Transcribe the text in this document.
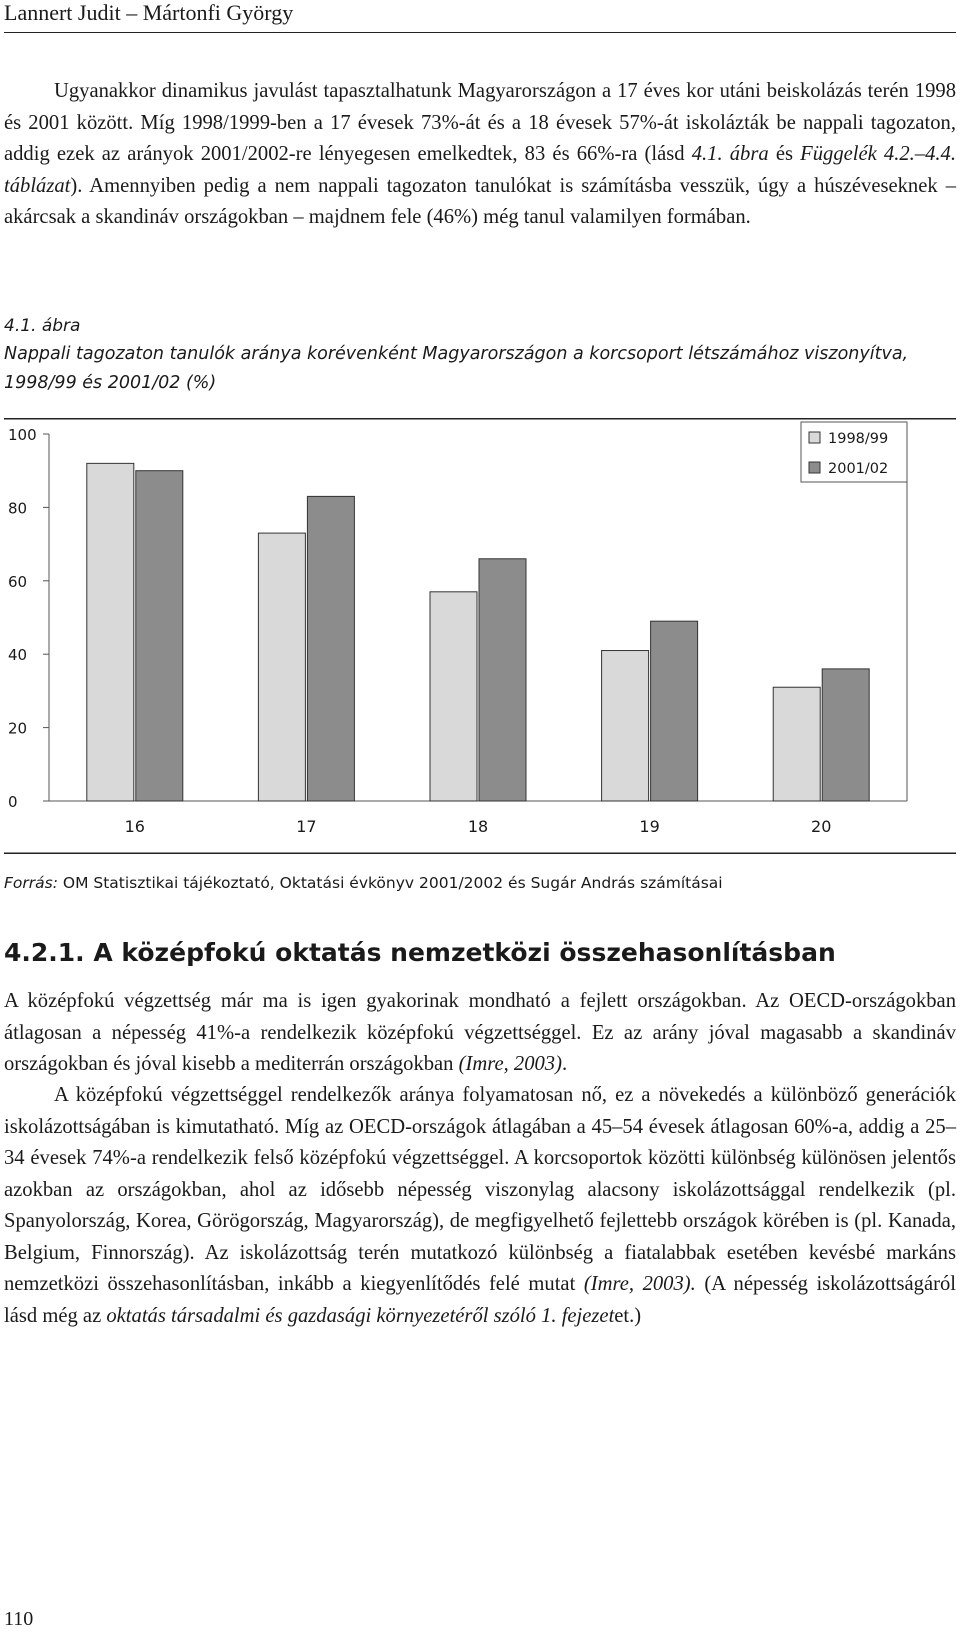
Lannert Judit – Mártonfi György

Ugyanakkor dinamikus javulást tapasztalhatunk Magyarországon a 17 éves kor utáni beiskolázás terén 1998 és 2001 között. Míg 1998/1999-ben a 17 évesek 73%-át és a 18 évesek 57%-át iskolázták be nappali tagozaton, addig ezek az arányok 2001/2002-re lényegesen emelkedtek, 83 és 66%-ra (lásd 4.1. ábra és Függelék 4.2.–4.4. táblázat). Amennyiben pedig a nem nappali tagozaton tanulókat is számításba vesszük, úgy a húszéveseknek – akárcsak a skandináv országokban – majdnem fele (46%) még tanul valamilyen formában.

4.1. ábra
Nappali tagozaton tanulók aránya korévenként Magyarországon a korcsoport létszámához viszonyítva, 1998/99 és 2001/02 (%)
0
20
40
60
80
100
16	17	18	19	20
1998/99
2001/02
Forrás: OM Statisztikai tájékoztató, Oktatási évkönyv 2001/2002 és Sugár András számításai
4.2.1. A középfokú oktatás nemzetközi összehasonlításban

A középfokú végzettség már ma is igen gyakorinak mondható a fejlett országokban. Az OECD-országokban átlagosan a népesség 41%-a rendelkezik középfokú végzettséggel. Ez az arány jóval magasabb a skandináv országokban és jóval kisebb a mediterrán országokban (Imre, 2003).

A középfokú végzettséggel rendelkezők aránya folyamatosan nő, ez a növekedés a különböző generációk iskolázottságában is kimutatható. Míg az OECD-országok átlagában a 45–54 évesek átlagosan 60%-a, addig a 25–34 évesek 74%-a rendelkezik felső középfokú végzettséggel. A korcsoportok közötti különbség különösen jelentős azokban az országokban, ahol az idősebb népesség viszonylag alacsony iskolázottsággal rendelkezik (pl. Spanyolország, Korea, Görögország, Magyarország), de megfigyelhető fejlettebb országok körében is (pl. Kanada, Belgium, Finnország). Az iskolázottság terén mutatkozó különbség a fiatalabbak esetében kevésbé markáns nemzetközi összehasonlításban, inkább a kiegyenlítődés felé mutat (Imre, 2003). (A népesség iskolázottságáról lásd még az oktatás társadalmi és gazdasági környezetéről szóló 1. fejezetet.)

110
